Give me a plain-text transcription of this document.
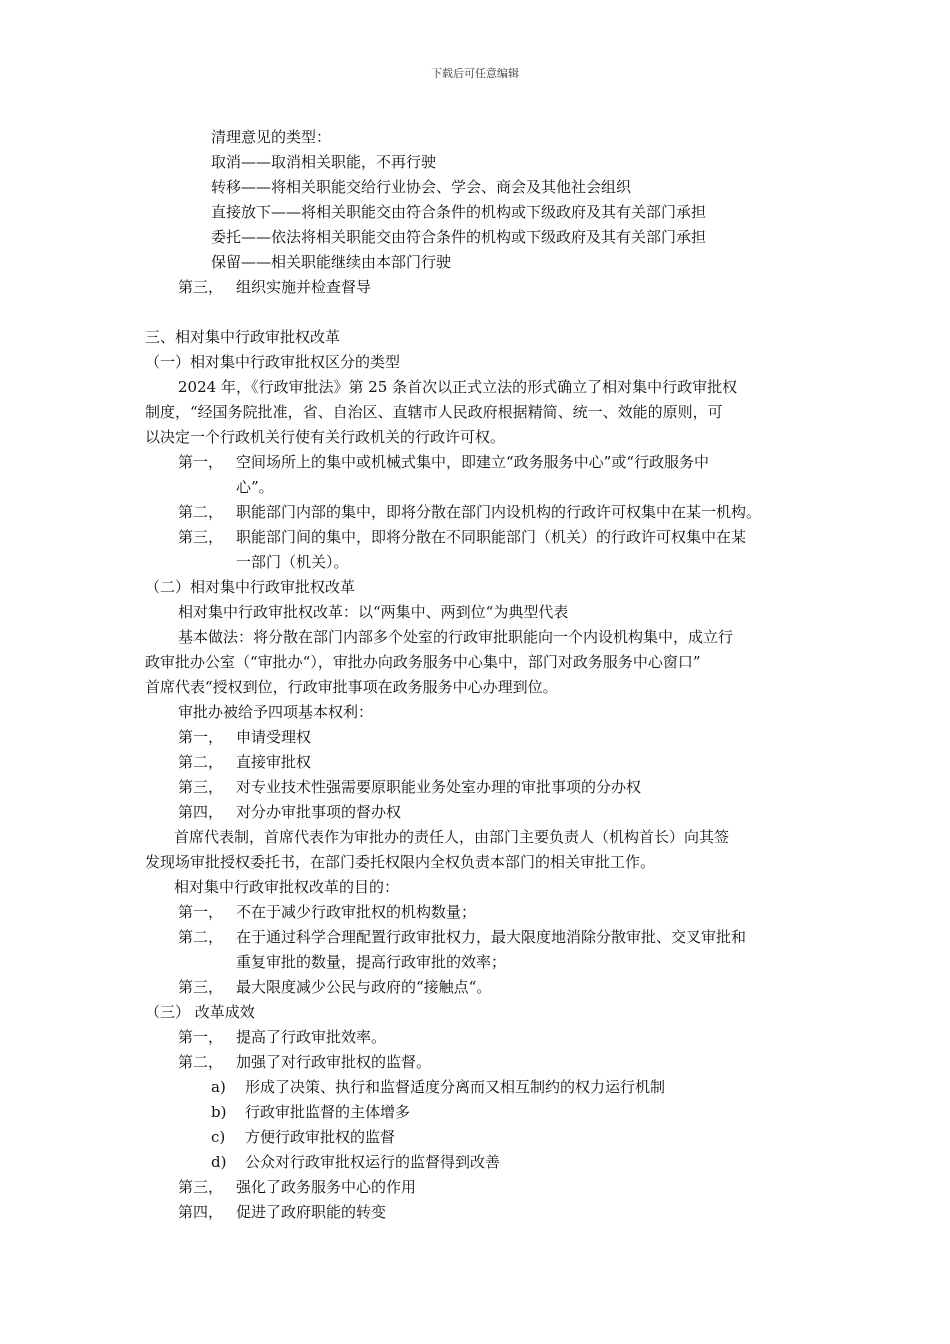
下载后可任意编辑
清理意见的类型：
取消——取消相关职能，不再行驶
转移——将相关职能交给行业协会、学会、商会及其他社会组织
直接放下——将相关职能交由符合条件的机构或下级政府及其有关部门承担
委托——依法将相关职能交由符合条件的机构或下级政府及其有关部门承担
保留——相关职能继续由本部门行驶
第三， 组织实施并检查督导
三、相对集中行政审批权改革
（一）相对集中行政审批权区分的类型
2024 年，《行政审批法》第 25 条首次以正式立法的形式确立了相对集中行政审批权
制度，“经国务院批准，省、自治区、直辖市人民政府根据精简、统一、效能的原则，可
以决定一个行政机关行使有关行政机关的行政许可权。
第一， 空间场所上的集中或机械式集中，即建立“政务服务中心”或“行政服务中
心”。
第二， 职能部门内部的集中，即将分散在部门内设机构的行政许可权集中在某一机构。
第三， 职能部门间的集中，即将分散在不同职能部门（机关）的行政许可权集中在某
一部门（机关）。
（二）相对集中行政审批权改革
相对集中行政审批权改革：以“两集中、两到位“为典型代表
基本做法：将分散在部门内部多个处室的行政审批职能向一个内设机构集中，成立行
政审批办公室（“审批办“），审批办向政务服务中心集中，部门对政务服务中心窗口”
首席代表“授权到位，行政审批事项在政务服务中心办理到位。
审批办被给予四项基本权利：
第一， 申请受理权
第二， 直接审批权
第三， 对专业技术性强需要原职能业务处室办理的审批事项的分办权
第四， 对分办审批事项的督办权
首席代表制，首席代表作为审批办的责任人，由部门主要负责人（机构首长）向其签
发现场审批授权委托书，在部门委托权限内全权负责本部门的相关审批工作。
相对集中行政审批权改革的目的：
第一， 不在于减少行政审批权的机构数量；
第二， 在于通过科学合理配置行政审批权力，最大限度地消除分散审批、交叉审批和
重复审批的数量，提高行政审批的效率；
第三， 最大限度减少公民与政府的“接触点“。
（三） 改革成效
第一， 提高了行政审批效率。
第二， 加强了对行政审批权的监督。
a) 形成了决策、执行和监督适度分离而又相互制约的权力运行机制
b) 行政审批监督的主体增多
c) 方便行政审批权的监督
d) 公众对行政审批权运行的监督得到改善
第三， 强化了政务服务中心的作用
第四， 促进了政府职能的转变
